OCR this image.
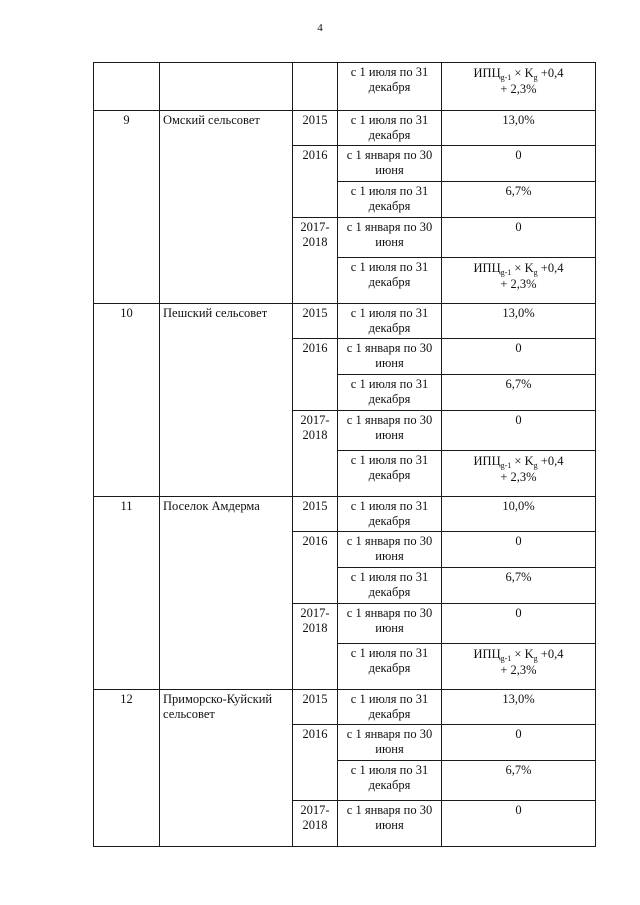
4
			с 1 июля по 31 декабря	$ИПЦ_{g-1} \times K_g +0,4$
+ 2,3%

9	Омский сельсовет	2015	с 1 июля по 31 декабря	13,0%
		2016	с 1 января по 30 июня	0
			с 1 июля по 31 декабря	6,7%
		2017-2018	с 1 января по 30 июня	0
			с 1 июля по 31 декабря	$ИПЦ_{g-1} \times K_g +0,4$
+ 2,3%

10	Пешский сельсовет	2015	с 1 июля по 31 декабря	13,0%
		2016	с 1 января по 30 июня	0
			с 1 июля по 31 декабря	6,7%
		2017-2018	с 1 января по 30 июня	0
			с 1 июля по 31 декабря	$ИПЦ_{g-1} \times K_g +0,4$
+ 2,3%

11	Поселок Амдерма	2015	с 1 июля по 31 декабря	10,0%
		2016	с 1 января по 30 июня	0
			с 1 июля по 31 декабря	6,7%
		2017-2018	с 1 января по 30 июня	0
			с 1 июля по 31 декабря	$ИПЦ_{g-1} \times K_g +0,4$
+ 2,3%

12	Приморско-Куйский сельсовет	2015	с 1 июля по 31 декабря	13,0%
		2016	с 1 января по 30 июня	0
			с 1 июля по 31 декабря	6,7%
		2017-2018	с 1 января по 30 июня	0
